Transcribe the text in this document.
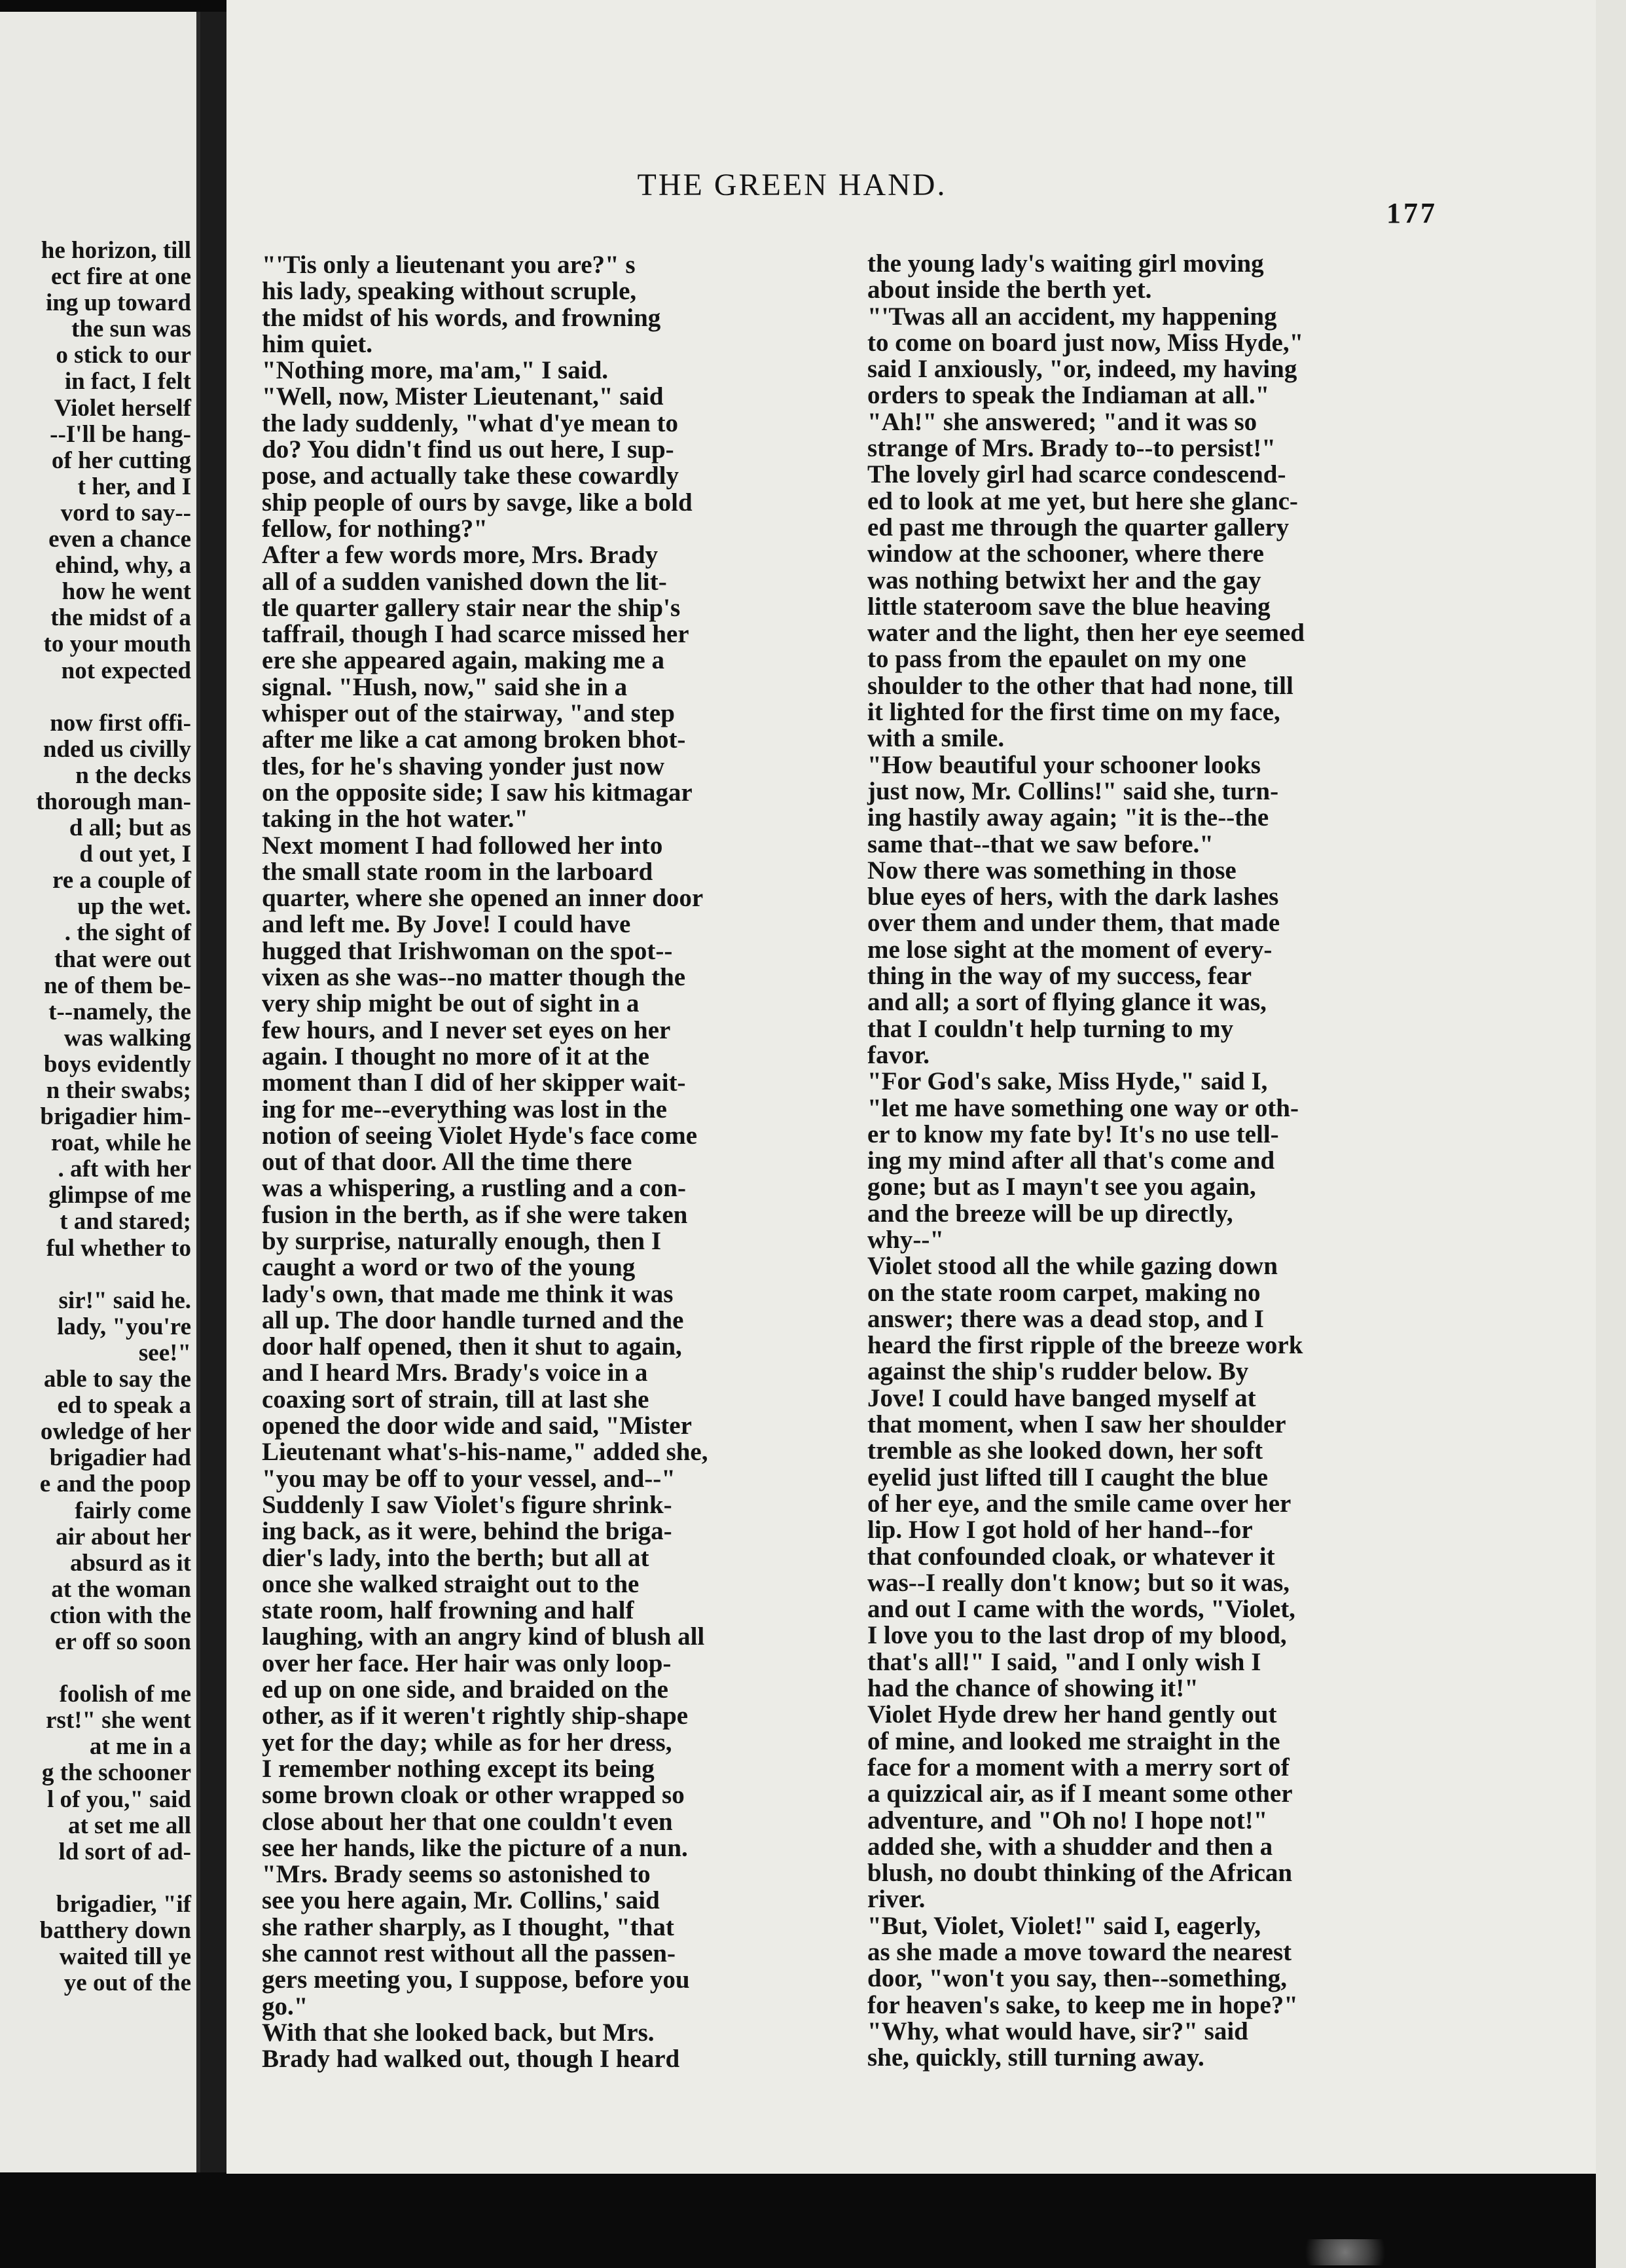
he horizon, till
ect fire at one
ing up toward
the sun was
o stick to our
in fact, I felt
Violet herself
--I'll be hang-
of her cutting
t her, and I
vord to say--
even a chance
ehind, why, a
how he went
the midst of a
to your mouth
not expected

now first offi-
nded us civilly
n the decks
thorough man-
d all; but as
d out yet, I
re a couple of
up the wet.
. the sight of
that were out
ne of them be-
t--namely, the
was walking
boys evidently
n their swabs;
brigadier him-
roat, while he
. aft with her
glimpse of me
t and stared;
ful whether to

sir!" said he.
lady, "you're
see!"
able to say the
ed to speak a
owledge of her
brigadier had
e and the poop
fairly come
air about her
absurd as it
at the woman
ction with the
er off so soon

foolish of me
rst!" she went
at me in a
g the schooner
l of you," said
at set me all
ld sort of ad-

brigadier, "if
batthery down
waited till ye
ye out of the
THE GREEN HAND.
177
"'Tis only a lieutenant you are?" s
his lady, speaking without scruple,
the midst of his words, and frowning
him quiet.
"Nothing more, ma'am," I said.
"Well, now, Mister Lieutenant," said
the lady suddenly, "what d'ye mean to
do? You didn't find us out here, I sup-
pose, and actually take these cowardly
ship people of ours by savge, like a bold
fellow, for nothing?"
After a few words more, Mrs. Brady
all of a sudden vanished down the lit-
tle quarter gallery stair near the ship's
taffrail, though I had scarce missed her
ere she appeared again, making me a
signal. "Hush, now," said she in a
whisper out of the stairway, "and step
after me like a cat among broken bhot-
tles, for he's shaving yonder just now
on the opposite side; I saw his kitmagar
taking in the hot water."
Next moment I had followed her into
the small state room in the larboard
quarter, where she opened an inner door
and left me. By Jove! I could have
hugged that Irishwoman on the spot--
vixen as she was--no matter though the
very ship might be out of sight in a
few hours, and I never set eyes on her
again. I thought no more of it at the
moment than I did of her skipper wait-
ing for me--everything was lost in the
notion of seeing Violet Hyde's face come
out of that door. All the time there
was a whispering, a rustling and a con-
fusion in the berth, as if she were taken
by surprise, naturally enough, then I
caught a word or two of the young
lady's own, that made me think it was
all up. The door handle turned and the
door half opened, then it shut to again,
and I heard Mrs. Brady's voice in a
coaxing sort of strain, till at last she
opened the door wide and said, "Mister
Lieutenant what's-his-name," added she,
"you may be off to your vessel, and--"
Suddenly I saw Violet's figure shrink-
ing back, as it were, behind the briga-
dier's lady, into the berth; but all at
once she walked straight out to the
state room, half frowning and half
laughing, with an angry kind of blush all
over her face. Her hair was only loop-
ed up on one side, and braided on the
other, as if it weren't rightly ship-shape
yet for the day; while as for her dress,
I remember nothing except its being
some brown cloak or other wrapped so
close about her that one couldn't even
see her hands, like the picture of a nun.
"Mrs. Brady seems so astonished to
see you here again, Mr. Collins,' said
she rather sharply, as I thought, "that
she cannot rest without all the passen-
gers meeting you, I suppose, before you
go."
With that she looked back, but Mrs.
Brady had walked out, though I heard
the young lady's waiting girl moving
about inside the berth yet.
"'Twas all an accident, my happening
to come on board just now, Miss Hyde,"
said I anxiously, "or, indeed, my having
orders to speak the Indiaman at all."
"Ah!" she answered; "and it was so
strange of Mrs. Brady to--to persist!"
The lovely girl had scarce condescend-
ed to look at me yet, but here she glanc-
ed past me through the quarter gallery
window at the schooner, where there
was nothing betwixt her and the gay
little stateroom save the blue heaving
water and the light, then her eye seemed
to pass from the epaulet on my one
shoulder to the other that had none, till
it lighted for the first time on my face,
with a smile.
"How beautiful your schooner looks
just now, Mr. Collins!" said she, turn-
ing hastily away again; "it is the--the
same that--that we saw before."
Now there was something in those
blue eyes of hers, with the dark lashes
over them and under them, that made
me lose sight at the moment of every-
thing in the way of my success, fear
and all; a sort of flying glance it was,
that I couldn't help turning to my
favor.
"For God's sake, Miss Hyde," said I,
"let me have something one way or oth-
er to know my fate by! It's no use tell-
ing my mind after all that's come and
gone; but as I mayn't see you again,
and the breeze will be up directly,
why--"
Violet stood all the while gazing down
on the state room carpet, making no
answer; there was a dead stop, and I
heard the first ripple of the breeze work
against the ship's rudder below. By
Jove! I could have banged myself at
that moment, when I saw her shoulder
tremble as she looked down, her soft
eyelid just lifted till I caught the blue
of her eye, and the smile came over her
lip. How I got hold of her hand--for
that confounded cloak, or whatever it
was--I really don't know; but so it was,
and out I came with the words, "Violet,
I love you to the last drop of my blood,
that's all!" I said, "and I only wish I
had the chance of showing it!"
Violet Hyde drew her hand gently out
of mine, and looked me straight in the
face for a moment with a merry sort of
a quizzical air, as if I meant some other
adventure, and "Oh no! I hope not!"
added she, with a shudder and then a
blush, no doubt thinking of the African
river.
"But, Violet, Violet!" said I, eagerly,
as she made a move toward the nearest
door, "won't you say, then--something,
for heaven's sake, to keep me in hope?"
"Why, what would have, sir?" said
she, quickly, still turning away.
